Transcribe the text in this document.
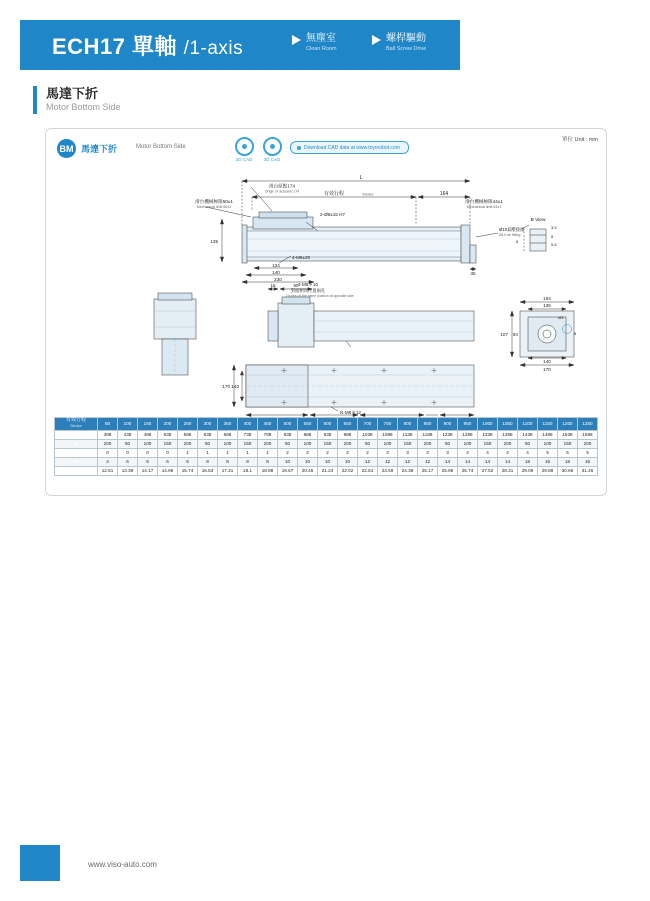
ECH17 單軸 /1-axis	無塵室
Clean Room
螺桿驅動
Ball Screw Drive
馬達下折
Motor Bottom Side
單位 Unit : mm
BM 馬達下折	Motor Bottom Side
2D CAD	3D CAD
Download CAD data at www.toyorobot.com
L
有效行程	Stroke	164
滑台原點174
Origin of actuator:174
滑台機械極限50±1
Mechanical limit:50±1
滑台機械極限44±1
Mechanical limit:44±1
2-Ø8±15 H7
4-M8±20
135
124
140
230
35
Ø10氣壓接頭
Ø10 air fitting.
B View
3.5
8
5.5
6
4-M5＊10
對面相同位置兩孔
2 holes on the same position at opposite side.
15	50
170 140
N-M8＊12
154
136
107 94
140
170
Ø3
8
有效行程
Stroke	50	100	150	200	250	300	350	400	450	500	550	600	650	700	750	800	850	900	950	1000	1050	1100	1150	1200	1250
L	388	438	488	538	588	638	688	738	788	838	888	938	988	1038	1088	1138	1188	1238	1288	1338	1388	1438	1488	1538	1588
A	200	50	100	150	200	50	100	150	200	50	100	150	200	50	100	150	200	50	100	150	200	50	100	150	200
M	0	0	0	0	1	1	1	1	1	2	2	2	2	2	3	3	3	3	4	4	4	4	5	5	5
N	4	6	6	6	6	8	8	8	8	10	10	10	10	12	12	12	12	14	14	14	14	16	16	16	16
KG	12.61	13.39	14.17	14.96	15.74	16.53	17.31	18.1	18.88	19.67	20.45	21.24	22.02	22.81	23.59	24.38	25.17	25.95	26.74	27.52	28.31	29.09	29.88	30.66	31.45
www.viso-auto.com
